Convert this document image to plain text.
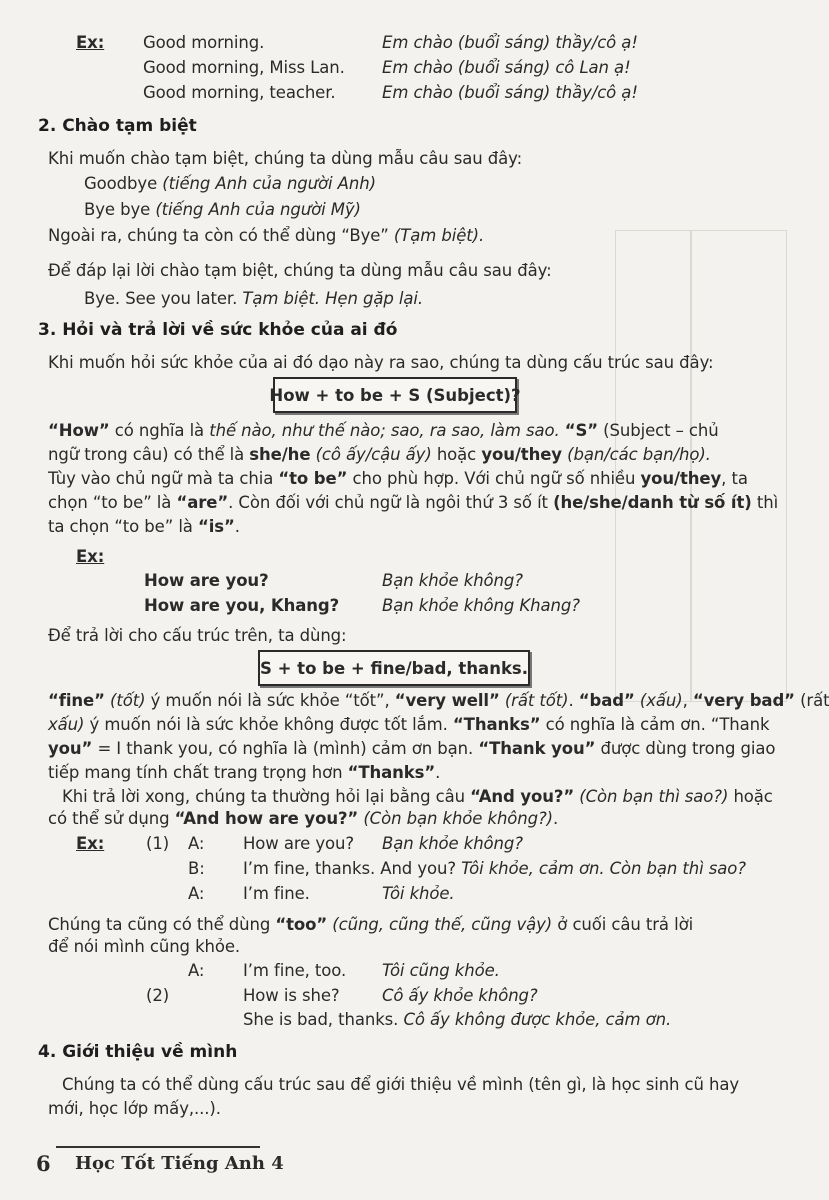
Ex: Good morning.	Em chào (buổi sáng) thầy/cô ạ!
Good morning, Miss Lan. Em chào (buổi sáng) cô Lan ạ!
Good morning, teacher.	Em chào (buổi sáng) thầy/cô ạ!
2. Chào tạm biệt
Khi muốn chào tạm biệt, chúng ta dùng mẫu câu sau đây:
Goodbye (tiếng Anh của người Anh)
Bye bye (tiếng Anh của người Mỹ)
Ngoài ra, chúng ta còn có thể dùng “Bye” (Tạm biệt).
Để đáp lại lời chào tạm biệt, chúng ta dùng mẫu câu sau đây:
Bye. See you later. Tạm biệt. Hẹn gặp lại.
3. Hỏi và trả lời về sức khỏe của ai đó
Khi muốn hỏi sức khỏe của ai đó dạo này ra sao, chúng ta dùng cấu trúc sau đây:
How + to be + S (Subject)?
“How” có nghĩa là thế nào, như thế nào; sao, ra sao, làm sao. “S” (Subject – chủ
ngữ trong câu) có thể là she/he (cô ấy/cậu ấy) hoặc you/they (bạn/các bạn/họ).
Tùy vào chủ ngữ mà ta chia “to be” cho phù hợp. Với chủ ngữ số nhiều you/they, ta
chọn “to be” là “are”. Còn đối với chủ ngữ là ngôi thứ 3 số ít (he/she/danh từ số ít) thì
ta chọn “to be” là “is”.
Ex:
How are you?	Bạn khỏe không?
How are you, Khang?	Bạn khỏe không Khang?
Để trả lời cho cấu trúc trên, ta dùng:
S + to be + fine/bad, thanks.
“fine” (tốt) ý muốn nói là sức khỏe “tốt”, “very well” (rất tốt). “bad” (xấu), “very bad” (rất
xấu) ý muốn nói là sức khỏe không được tốt lắm. “Thanks” có nghĩa là cảm ơn. “Thank
you” = I thank you, có nghĩa là (mình) cảm ơn bạn. “Thank you” được dùng trong giao
tiếp mang tính chất trang trọng hơn “Thanks”.
Khi trả lời xong, chúng ta thường hỏi lại bằng câu “And you?” (Còn bạn thì sao?) hoặc
có thể sử dụng “And how are you?” (Còn bạn khỏe không?).
Ex:	(1) A: How are you? Bạn khỏe không?
B: I’m fine, thanks. And you? Tôi khỏe, cảm ơn. Còn bạn thì sao?
A: I’m fine.	Tôi khỏe.
Chúng ta cũng có thể dùng “too” (cũng, cũng thế, cũng vậy) ở cuối câu trả lời
để nói mình cũng khỏe.
A: I’m fine, too. Tôi cũng khỏe.
(2)	How is she?	Cô ấy khỏe không?
She is bad, thanks. Cô ấy không được khỏe, cảm ơn.
4. Giới thiệu về mình
Chúng ta có thể dùng cấu trúc sau để giới thiệu về mình (tên gì, là học sinh cũ hay
mới, học lớp mấy,...).
6 Học Tốt Tiếng Anh 4
